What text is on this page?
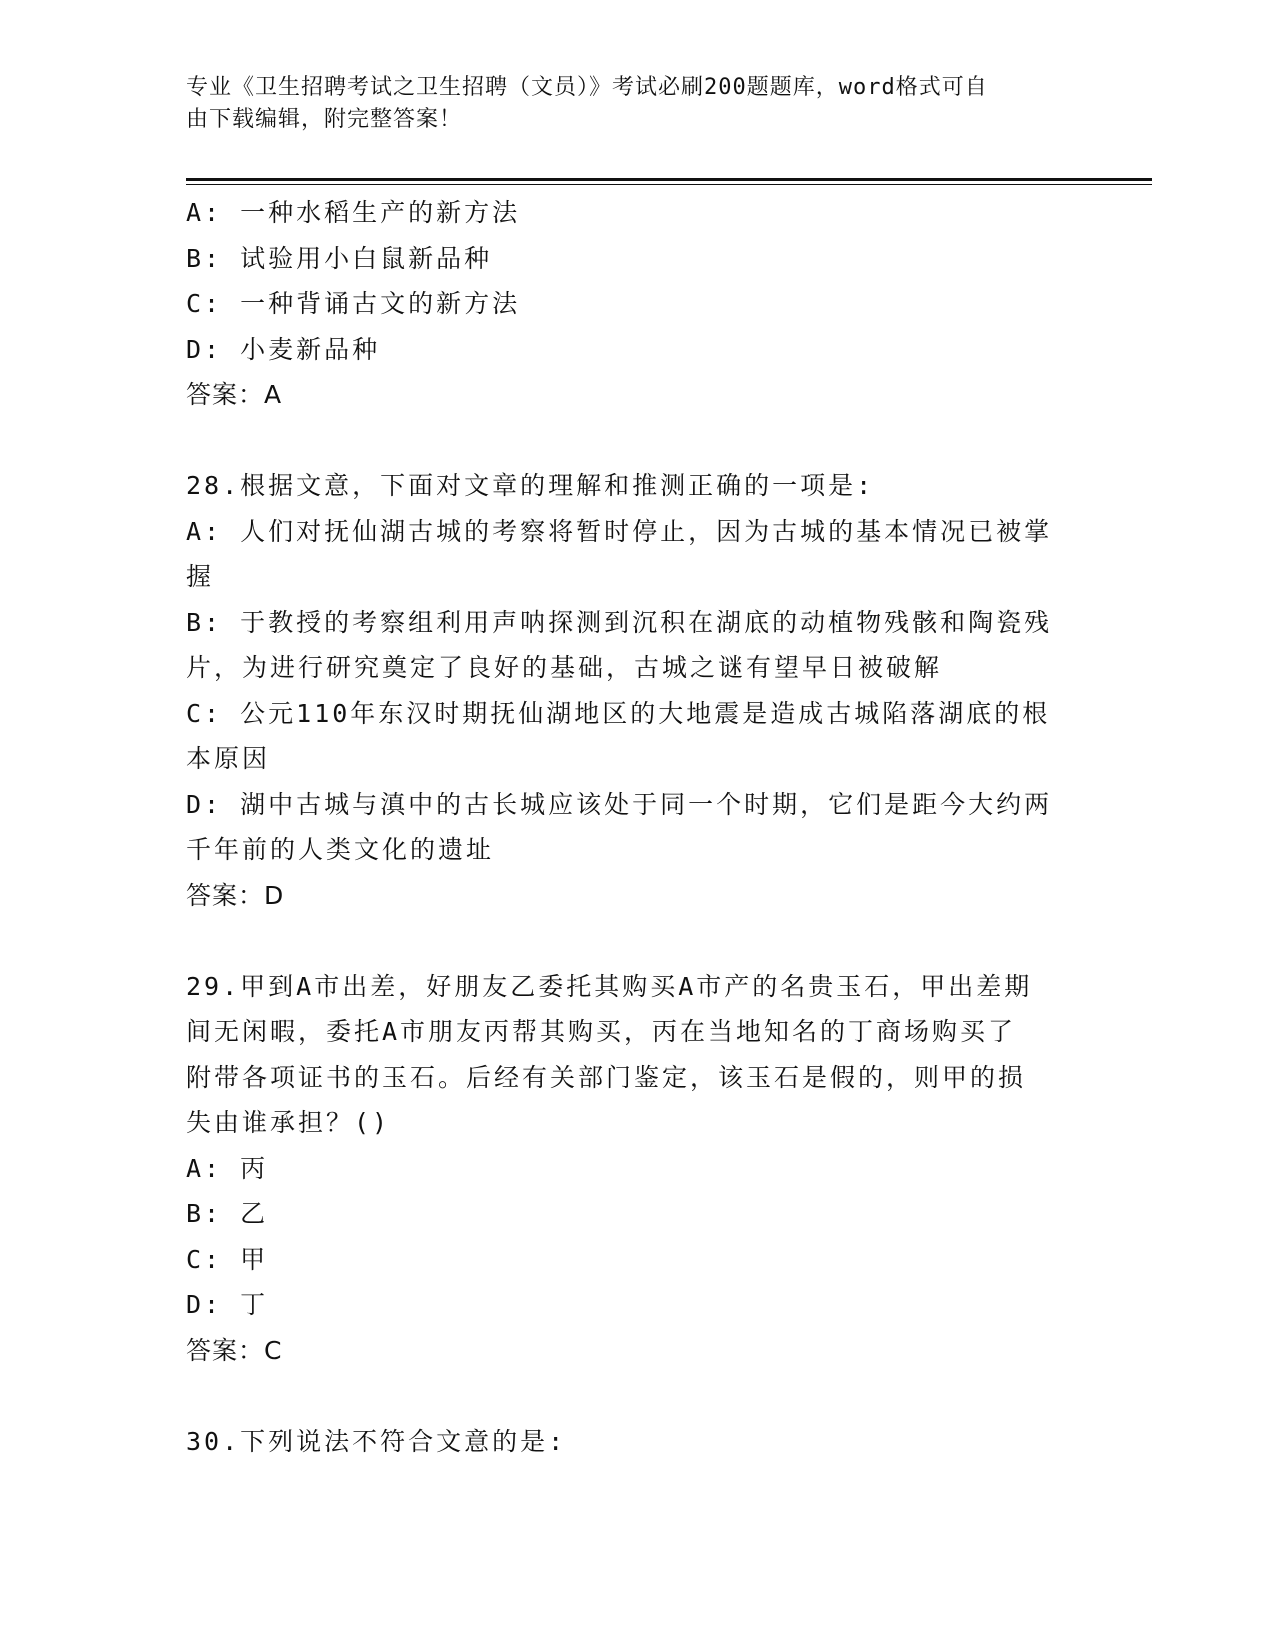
专业《卫生招聘考试之卫生招聘（文员）》考试必刷200题题库，word格式可自

由下载编辑，附完整答案！

A: 一种水稻生产的新方法

B: 试验用小白鼠新品种

C: 一种背诵古文的新方法

D: 小麦新品种

答案：A

28.根据文意，下面对文章的理解和推测正确的一项是:

A: 人们对抚仙湖古城的考察将暂时停止，因为古城的基本情况已被掌

握

B: 于教授的考察组利用声呐探测到沉积在湖底的动植物残骸和陶瓷残

片，为进行研究奠定了良好的基础，古城之谜有望早日被破解

C: 公元110年东汉时期抚仙湖地区的大地震是造成古城陷落湖底的根

本原因

D: 湖中古城与滇中的古长城应该处于同一个时期，它们是距今大约两

千年前的人类文化的遗址

答案：D

29.甲到A市出差，好朋友乙委托其购买A市产的名贵玉石，甲出差期

间无闲暇，委托A市朋友丙帮其购买，丙在当地知名的丁商场购买了

附带各项证书的玉石。后经有关部门鉴定，该玉石是假的，则甲的损

失由谁承担？()

A: 丙

B: 乙

C: 甲

D: 丁

答案：C

30.下列说法不符合文意的是:
